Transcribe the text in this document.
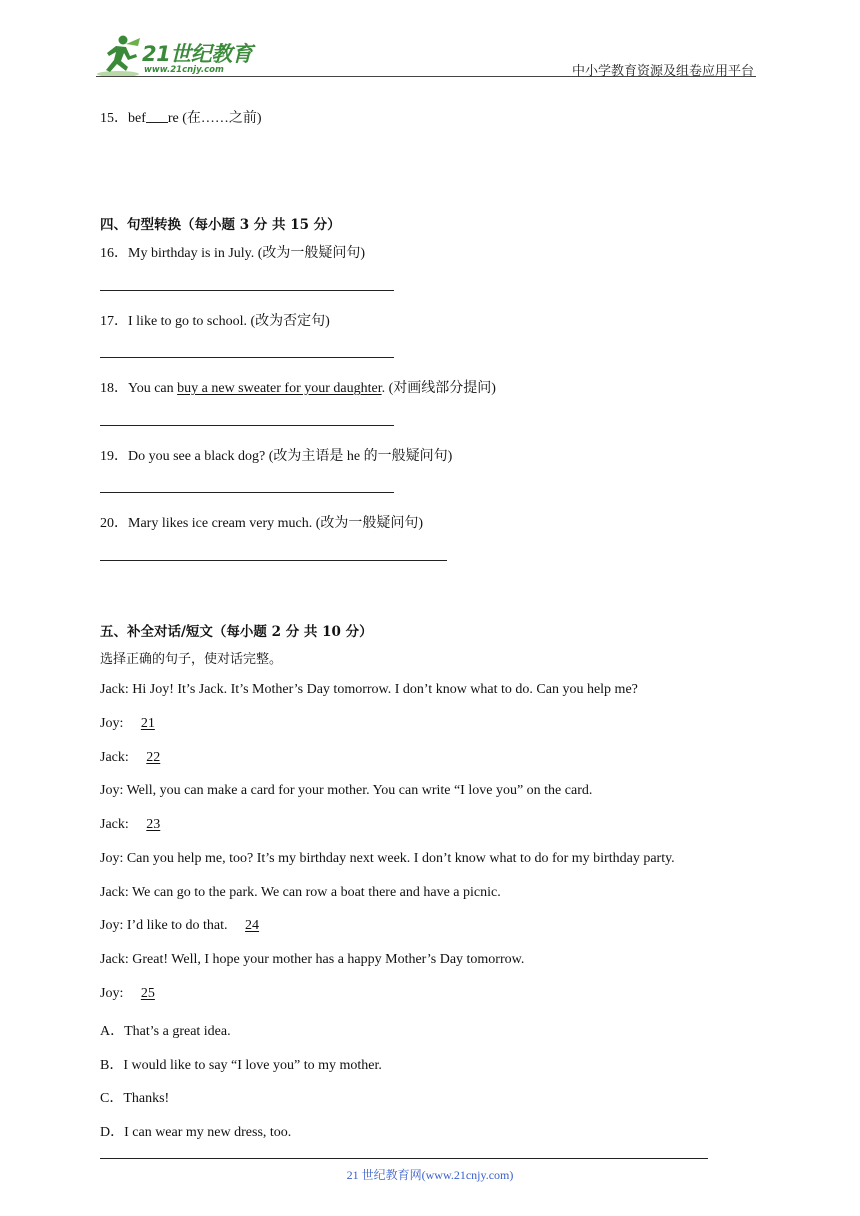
21世纪教育
www.21cnjy.com	中小学教育资源及组卷应用平台
15．bef re (在……之前)
四、句型转换（每小题 3 分 共 15 分）
16．My birthday is in July. (改为一般疑问句)
17．I like to go to school. (改为否定句)
18．You can buy a new sweater for your daughter. (对画线部分提问)
19．Do you see a black dog? (改为主语是 he 的一般疑问句)
20．Mary likes ice cream very much. (改为一般疑问句)
五、补全对话/短文（每小题 2 分 共 10 分）
选择正确的句子，使对话完整。
Jack: Hi Joy! It’s Jack. It’s Mother’s Day tomorrow. I don’t know what to do. Can you help me?
Joy: 21
Jack: 22
Joy: Well, you can make a card for your mother. You can write “I love you” on the card.
Jack: 23
Joy: Can you help me, too? It’s my birthday next week. I don’t know what to do for my birthday party.
Jack: We can go to the park. We can row a boat there and have a picnic.
Joy: I’d like to do that. 24
Jack: Great! Well, I hope your mother has a happy Mother’s Day tomorrow.
Joy: 25
A．That’s a great idea.
B．I would like to say “I love you” to my mother.
C．Thanks!
D．I can wear my new dress, too.
21 世纪教育网(www.21cnjy.com)
